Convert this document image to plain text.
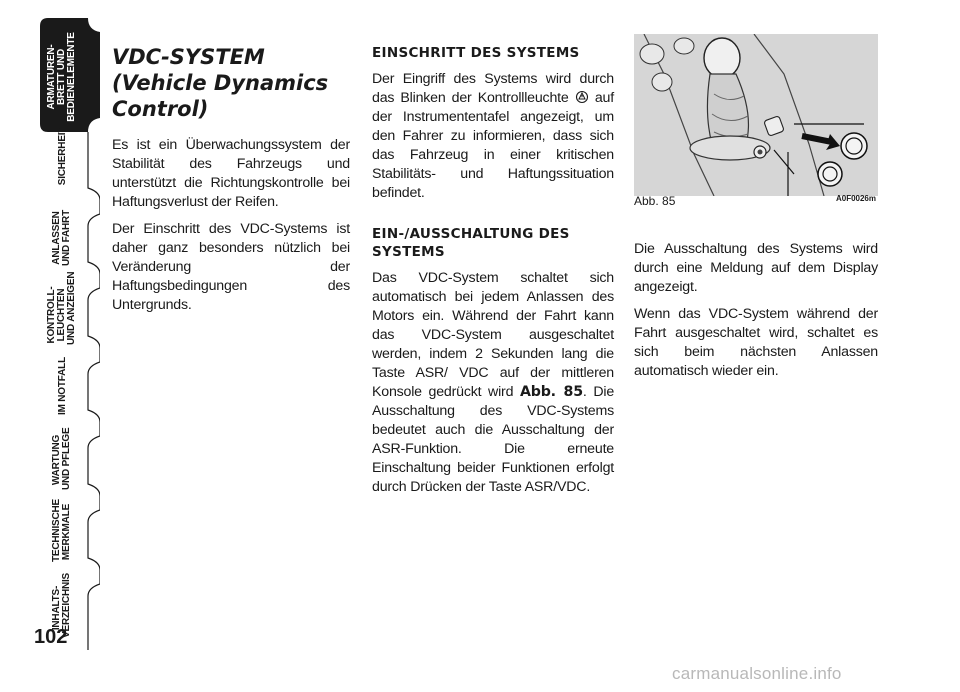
ARMATUREN-
BRETT UND
BEDIENELEMENTE
SICHERHEIT
ANLASSEN
UND FAHRT
KONTROLL-
LEUCHTEN
UND ANZEIGEN
IM NOTFALL
WARTUNG
UND PFLEGE
TECHNISCHE
MERKMALE
INHALTS-
VERZEICHNIS
102
VDC-SYSTEM (Vehicle Dynamics Control)

Es ist ein Überwachungssystem der Stabilität des Fahrzeugs und unterstützt die Richtungskontrolle bei Haftungsverlust der Reifen.

Der Einschritt des VDC-Systems ist daher ganz besonders nützlich bei Veränderung der Haftungsbedingungen des Untergrunds.

EINSCHRITT DES SYSTEMS

Der Eingriff des Systems wird durch das Blinken der Kontrollleuchte auf der Instrumententafel angezeigt, um den Fahrer zu informieren, dass sich das Fahrzeug in einer kritischen Stabilitäts- und Haftungssituation befindet.

EIN-/AUSSCHALTUNG DES SYSTEMS

Das VDC-System schaltet sich automatisch bei jedem Anlassen des Motors ein. Während der Fahrt kann das VDC-System ausgeschaltet werden, indem 2 Sekunden lang die Taste ASR/ VDC auf der mittleren Konsole gedrückt wird Abb. 85. Die Ausschaltung des VDC-Systems bedeutet auch die Ausschaltung der ASR-Funktion. Die erneute Einschaltung beider Funktionen erfolgt durch Drücken der Taste ASR/VDC.

Abb. 85	A0F0026m

Die Ausschaltung des Systems wird durch eine Meldung auf dem Display angezeigt.

Wenn das VDC-System während der Fahrt ausgeschaltet wird, schaltet es sich beim nächsten Anlassen automatisch wieder ein.

carmanualsonline.info
